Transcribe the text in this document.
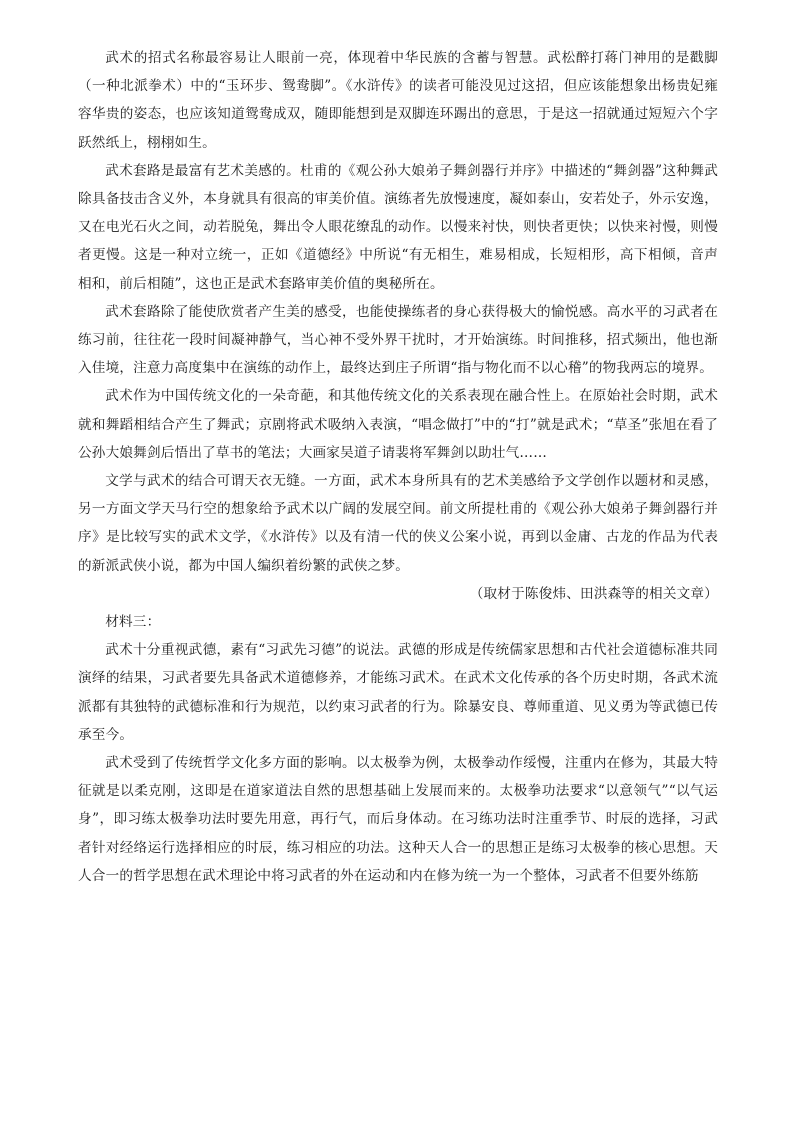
武术的招式名称最容易让人眼前一亮，体现着中华民族的含蓄与智慧。武松醉打蒋门神用的是戳脚（一种北派拳术）中的“玉环步、鸳鸯脚”。《水浒传》的读者可能没见过这招，但应该能想象出杨贵妃雍容华贵的姿态，也应该知道鸳鸯成双，随即能想到是双脚连环踢出的意思，于是这一招就通过短短六个字跃然纸上，栩栩如生。

武术套路是最富有艺术美感的。杜甫的《观公孙大娘弟子舞剑器行并序》中描述的“舞剑器”这种舞武除具备技击含义外，本身就具有很高的审美价值。演练者先放慢速度，凝如泰山，安若处子，外示安逸，又在电光石火之间，动若脱兔，舞出令人眼花缭乱的动作。以慢来衬快，则快者更快；以快来衬慢，则慢者更慢。这是一种对立统一，正如《道德经》中所说“有无相生，难易相成，长短相形，高下相倾，音声相和，前后相随”，这也正是武术套路审美价值的奥秘所在。

武术套路除了能使欣赏者产生美的感受，也能使操练者的身心获得极大的愉悦感。高水平的习武者在练习前，往往花一段时间凝神静气，当心神不受外界干扰时，才开始演练。时间推移，招式频出，他也渐入佳境，注意力高度集中在演练的动作上，最终达到庄子所谓“指与物化而不以心稽”的物我两忘的境界。

武术作为中国传统文化的一朵奇葩，和其他传统文化的关系表现在融合性上。在原始社会时期，武术就和舞蹈相结合产生了舞武；京剧将武术吸纳入表演，“唱念做打”中的“打”就是武术；“草圣”张旭在看了公孙大娘舞剑后悟出了草书的笔法；大画家吴道子请裴将军舞剑以助壮气……

文学与武术的结合可谓天衣无缝。一方面，武术本身所具有的艺术美感给予文学创作以题材和灵感，另一方面文学天马行空的想象给予武术以广阔的发展空间。前文所提杜甫的《观公孙大娘弟子舞剑器行并序》是比较写实的武术文学，《水浒传》以及有清一代的侠义公案小说，再到以金庸、古龙的作品为代表的新派武侠小说，都为中国人编织着纷繁的武侠之梦。

（取材于陈俊炜、田洪森等的相关文章）

材料三：

武术十分重视武德，素有“习武先习德”的说法。武德的形成是传统儒家思想和古代社会道德标准共同演绎的结果，习武者要先具备武术道德修养，才能练习武术。在武术文化传承的各个历史时期，各武术流派都有其独特的武德标准和行为规范，以约束习武者的行为。除暴安良、尊师重道、见义勇为等武德已传承至今。

武术受到了传统哲学文化多方面的影响。以太极拳为例，太极拳动作绥慢，注重内在修为，其最大特征就是以柔克刚，这即是在道家道法自然的思想基础上发展而来的。太极拳功法要求“以意领气”“以气运身”，即习练太极拳功法时要先用意，再行气，而后身体动。在习练功法时注重季节、时辰的选择，习武者针对经络运行选择相应的时辰，练习相应的功法。这种天人合一的思想正是练习太极拳的核心思想。天人合一的哲学思想在武术理论中将习武者的外在运动和内在修为统一为一个整体，习武者不但要外练筋
